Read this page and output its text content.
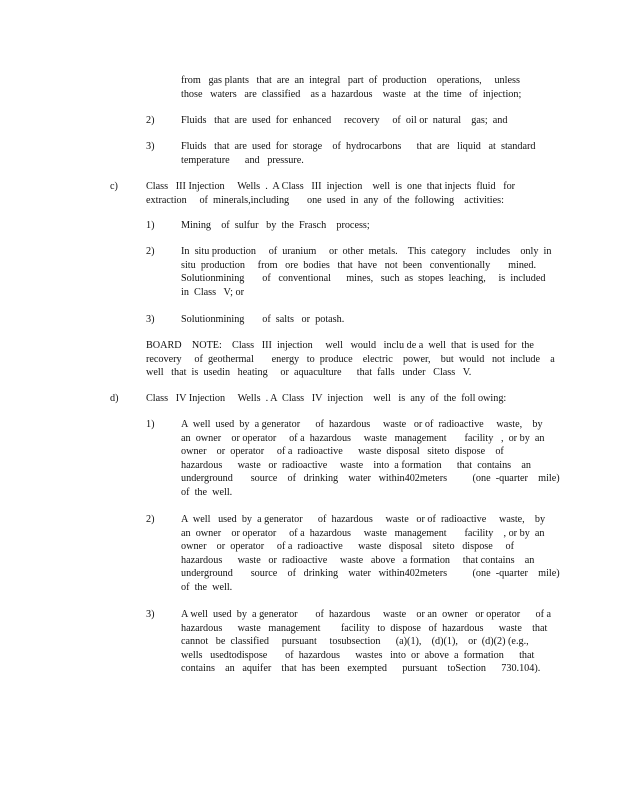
from   gas plants   that  are  an  integral   part  of  production    operations,     unless
those   waters   are  classified    as a  hazardous    waste   at  the  time   of  injection;
2)	Fluids   that  are  used  for  enhanced     recovery     of  oil or  natural    gas;  and
3)	Fluids   that  are  used  for  storage    of  hydrocarbons      that  are   liquid   at  standard
temperature      and   pressure.
c)	Class   III Injection     Wells  .  A Class   III  injection    well  is  one  that injects  fluid   for
extraction     of  minerals,including       one  used  in  any  of  the  following    activities:
1)	Mining    of  sulfur   by  the  Frasch    process;
2)	In  situ production     of  uranium     or  other  metals.    This  category    includes    only  in
situ  production     from   ore  bodies   that  have   not  been   conventionally       mined.
Solutionmining       of   conventional      mines,   such  as  stopes  leaching,     is  included
in  Class   V; or
3)	Solutionmining       of  salts   or  potash.
BOARD    NOTE:    Class   III  injection     well   would   inclu de a  well  that  is used  for  the
recovery     of  geothermal       energy   to  produce    electric    power,    but  would   not  include    a
well   that  is  usedin   heating     or  aquaculture      that  falls   under   Class   V.
d)	Class   IV Injection     Wells  . A  Class   IV  injection    well   is  any  of  the  foll owing:
1)	A  well  used  by  a generator      of  hazardous     waste   or of  radioactive     waste,    by
an  owner    or operator     of a  hazardous     waste   management       facility   ,  or by  an
owner    or  operator     of a  radioactive      waste  disposal   siteto  dispose    of
hazardous      waste   or  radioactive     waste    into  a formation      that  contains    an
underground       source    of   drinking    water   within402meters          (one  -quarter    mile)
of  the  well.
2)	A  well   used  by  a generator      of  hazardous     waste   or of  radioactive     waste,    by
an  owner    or operator     of a  hazardous     waste   management       facility    , or by  an
owner    or  operator     of a  radioactive      waste   disposal    siteto   dispose     of
hazardous      waste   or  radioactive     waste   above   a formation     that contains    an
underground       source    of   drinking    water   within402meters          (one  -quarter    mile)
of  the  well.
3)	A well  used  by  a generator       of  hazardous     waste    or an  owner   or operator      of a
hazardous      waste   management        facility   to  dispose   of  hazardous      waste    that
cannot   be  classified     pursuant     tosubsection      (a)(1),    (d)(1),    or  (d)(2) (e.g.,
wells   usedtodispose       of  hazardous      wastes   into  or  above  a  formation      that
contains    an   aquifer    that  has  been   exempted      pursuant    toSection      730.104).
